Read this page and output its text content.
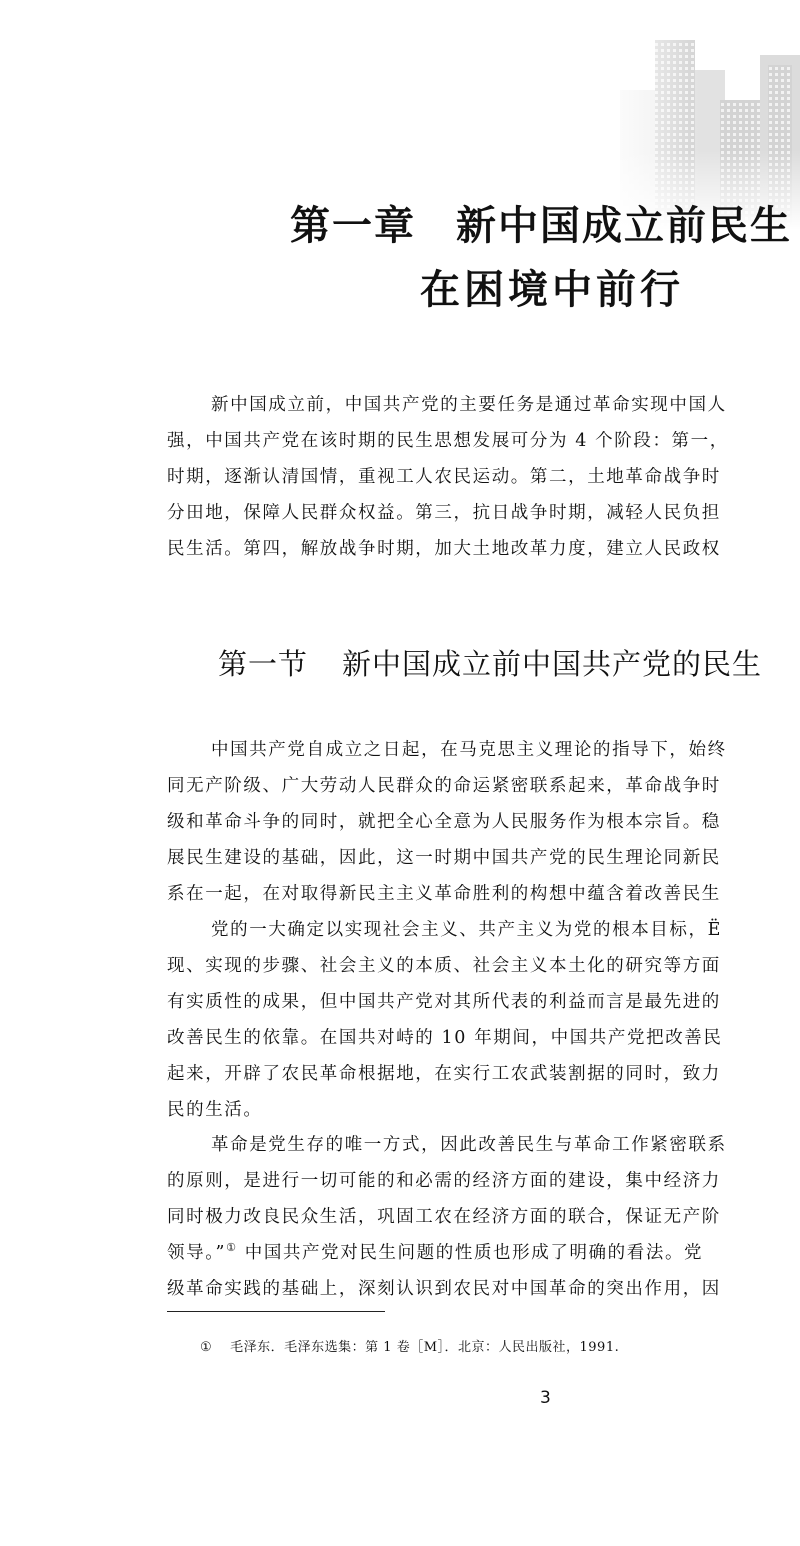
第一章 新中国成立前民生
在困境中前行
新中国成立前，中国共产党的主要任务是通过革命实现中国人
强，中国共产党在该时期的民生思想发展可分为 4 个阶段：第一，
时期，逐渐认清国情，重视工人农民运动。第二，土地革命战争时
分田地，保障人民群众权益。第三，抗日战争时期，减轻人民负担
民生活。第四，解放战争时期，加大土地改革力度，建立人民政权
第一节 新中国成立前中国共产党的民生
中国共产党自成立之日起，在马克思主义理论的指导下，始终
同无产阶级、广大劳动人民群众的命运紧密联系起来，革命战争时
级和革命斗争的同时，就把全心全意为人民服务作为根本宗旨。稳
展民生建设的基础，因此，这一时期中国共产党的民生理论同新民
系在一起，在对取得新民主主义革命胜利的构想中蕴含着改善民生
党的一大确定以实现社会主义、共产主义为党的根本目标，Ë
现、实现的步骤、社会主义的本质、社会主义本土化的研究等方面
有实质性的成果，但中国共产党对其所代表的利益而言是最先进的
改善民生的依靠。在国共对峙的 10 年期间，中国共产党把改善民
起来，开辟了农民革命根据地，在实行工农武装割据的同时，致力
民的生活。
革命是党生存的唯一方式，因此改善民生与革命工作紧密联系
的原则，是进行一切可能的和必需的经济方面的建设，集中经济力
同时极力改良民众生活，巩固工农在经济方面的联合，保证无产阶
领导。”① 中国共产党对民生问题的性质也形成了明确的看法。党
级革命实践的基础上，深刻认识到农民对中国革命的突出作用，因
① 毛泽东．毛泽东选集：第 1 卷［M］．北京：人民出版社，1991.
3
